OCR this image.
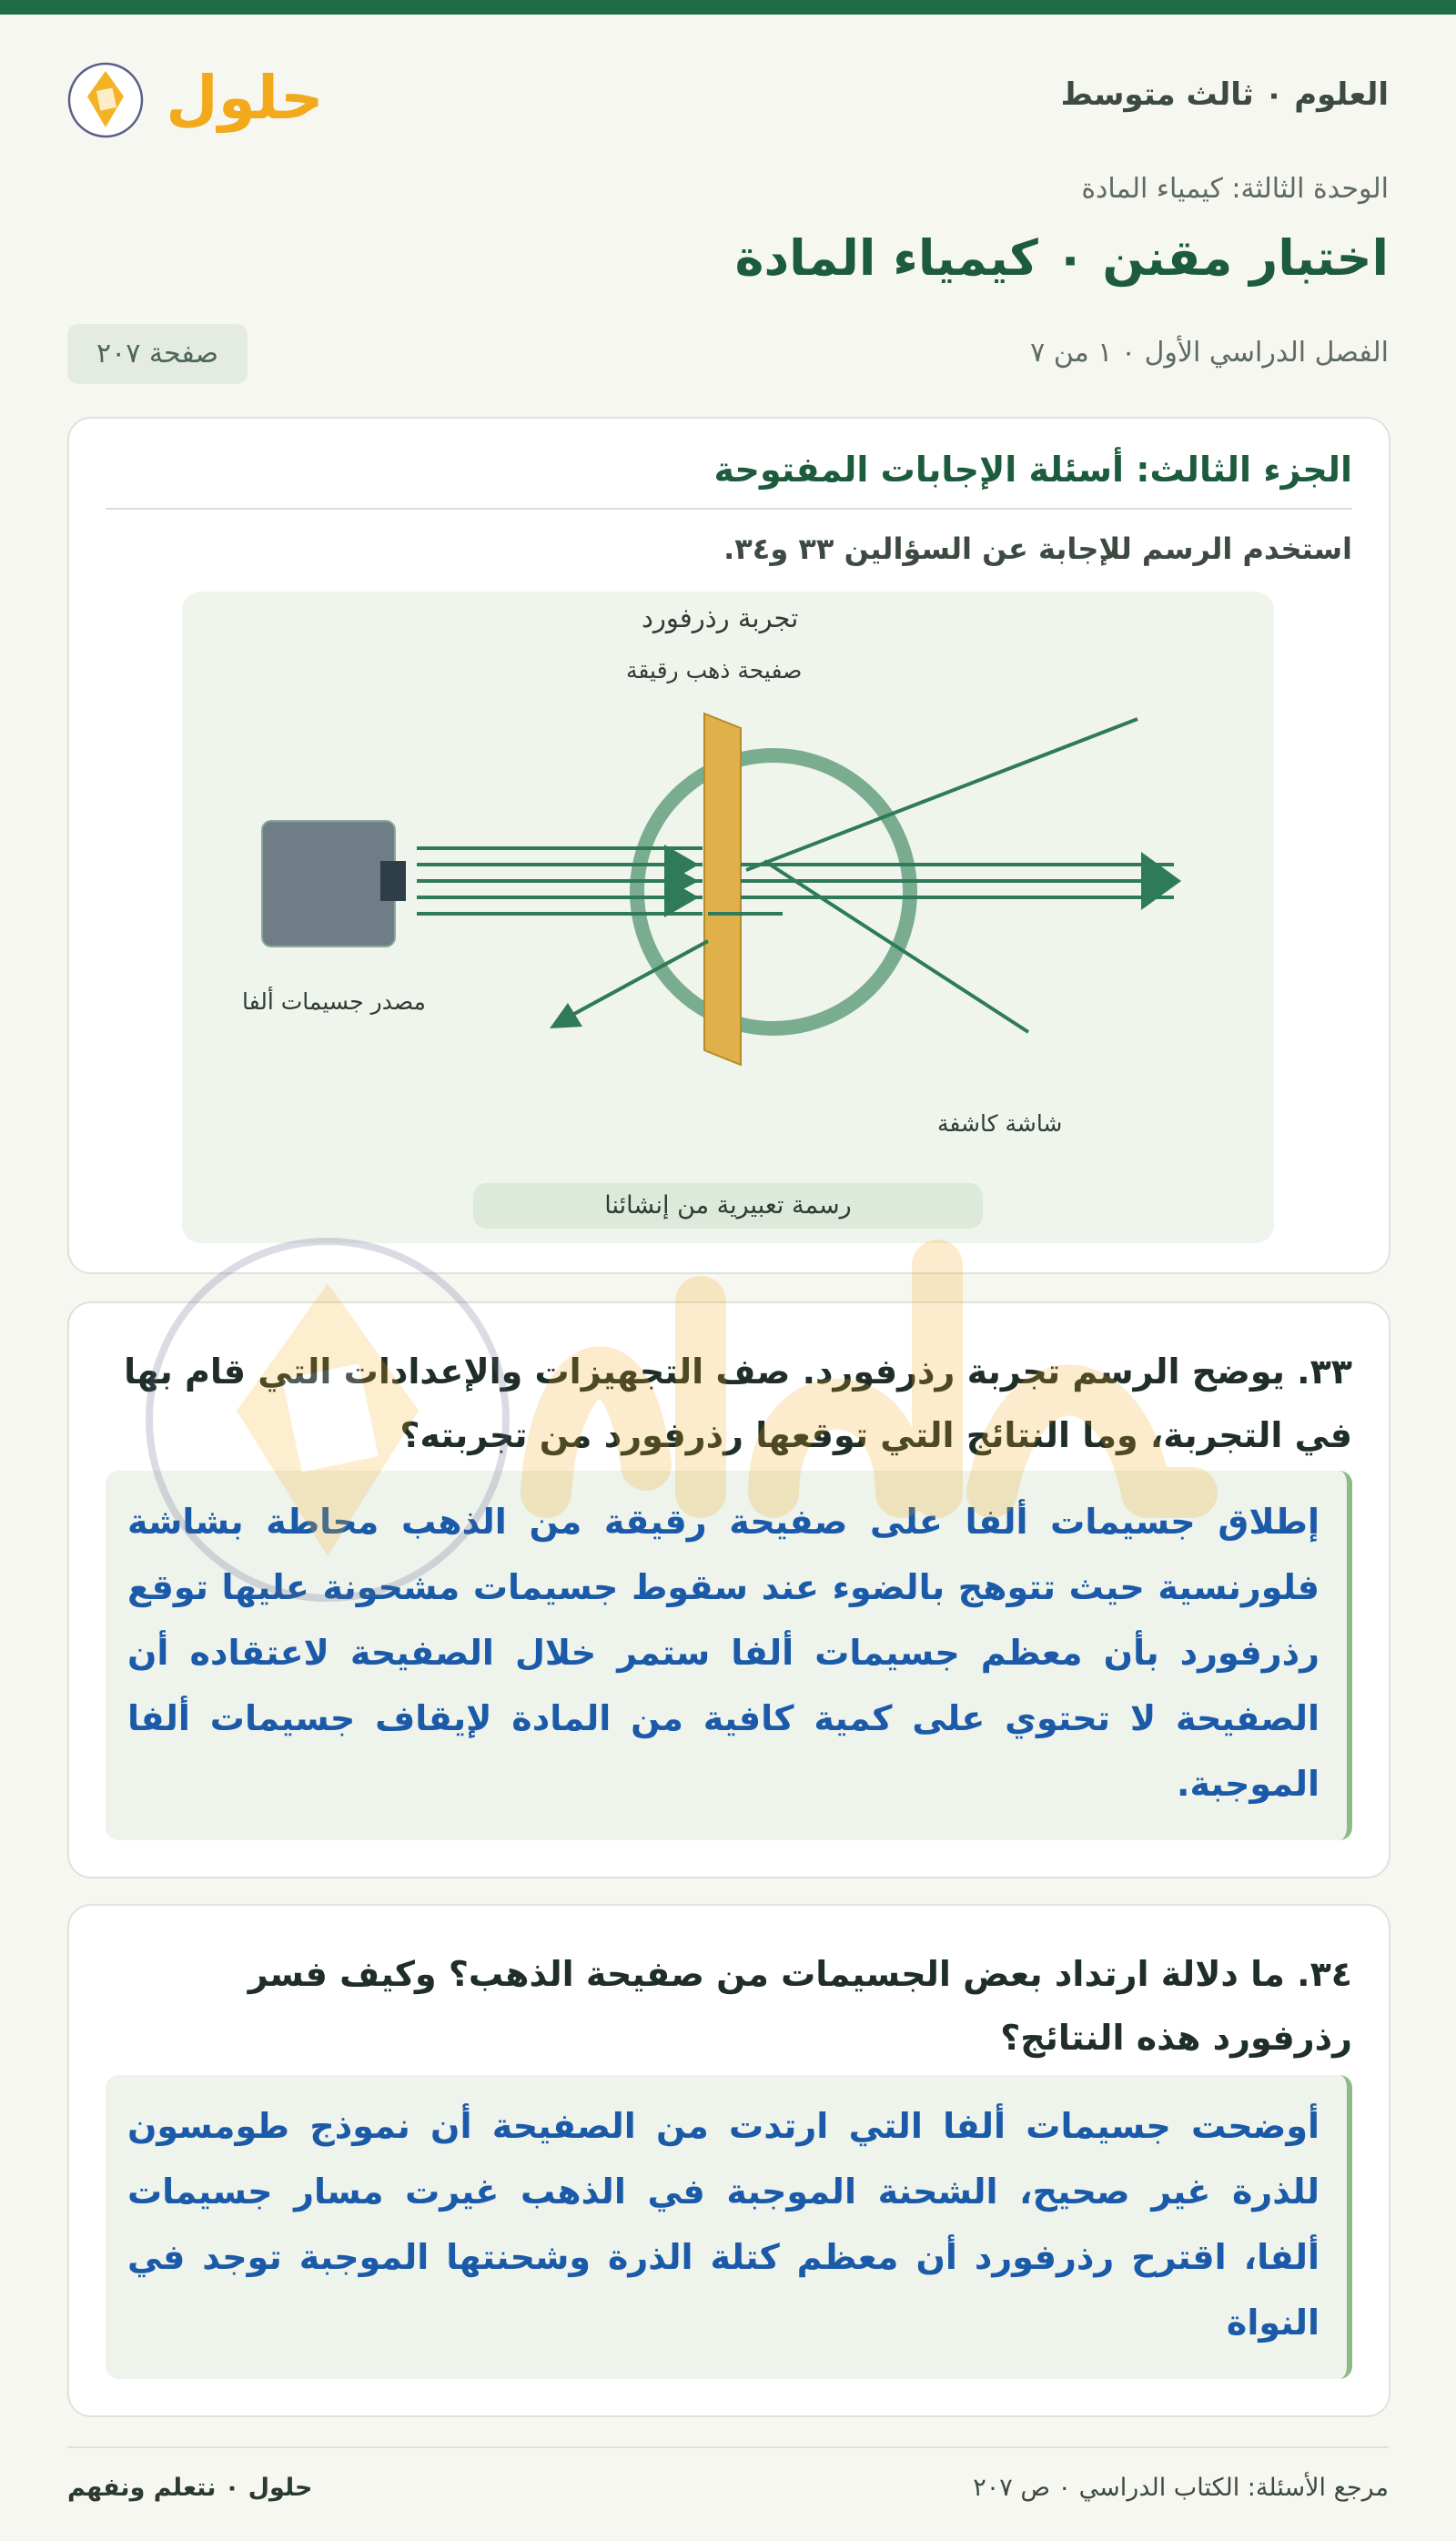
العلوم ٠ ثالث متوسط
حلول
الوحدة الثالثة: كيمياء المادة
اختبار مقنن ٠ كيمياء المادة
الفصل الدراسي الأول ٠ ١ من ٧
صفحة ٢٠٧
الجزء الثالث: أسئلة الإجابات المفتوحة
استخدم الرسم للإجابة عن السؤالين ٣٣ و٣٤.
تجربة رذرفورد
صفيحة ذهب رقيقة
مصدر جسيمات ألفا
شاشة كاشفة
رسمة تعبيرية من إنشائنا
٣٣. يوضح الرسم تجربة رذرفورد. صف التجهيزات والإعدادات التي قام بها في التجربة، وما النتائج التي توقعها رذرفورد من تجربته؟
إطلاق جسيمات ألفا على صفيحة رقيقة من الذهب محاطة بشاشة فلورنسية حيث تتوهج بالضوء عند سقوط جسيمات مشحونة عليها توقع رذرفورد بأن معظم جسيمات ألفا ستمر خلال الصفيحة لاعتقاده أن الصفيحة لا تحتوي على كمية كافية من المادة لإيقاف جسيمات ألفا الموجبة.
٣٤. ما دلالة ارتداد بعض الجسيمات من صفيحة الذهب؟ وكيف فسر رذرفورد هذه النتائج؟
أوضحت جسيمات ألفا التي ارتدت من الصفيحة أن نموذج طومسون للذرة غير صحيح، الشحنة الموجبة في الذهب غيرت مسار جسيمات ألفا، اقترح رذرفورد أن معظم كتلة الذرة وشحنتها الموجبة توجد في النواة
مرجع الأسئلة: الكتاب الدراسي ٠ ص ٢٠٧
حلول ٠ نتعلم ونفهم
